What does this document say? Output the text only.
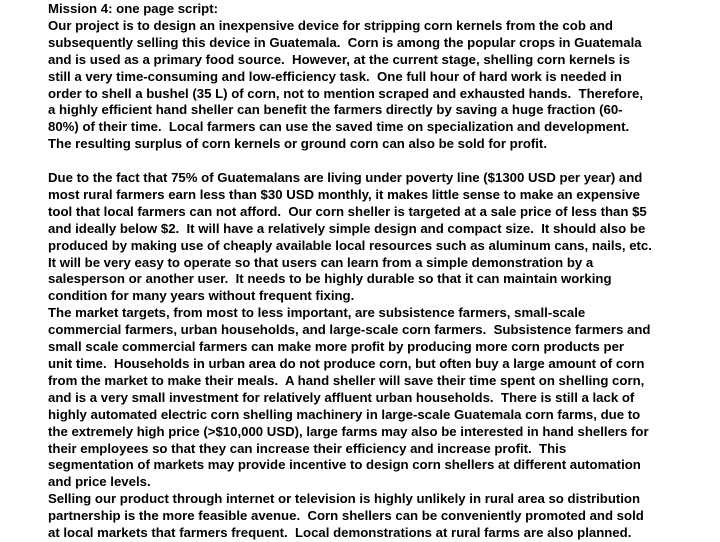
Mission 4: one page script:

Our project is to design an inexpensive device for stripping corn kernels from the cob and

subsequently selling this device in Guatemala.  Corn is among the popular crops in Guatemala

and is used as a primary food source.  However, at the current stage, shelling corn kernels is

still a very time-consuming and low-efficiency task.  One full hour of hard work is needed in

order to shell a bushel (35 L) of corn, not to mention scraped and exhausted hands.  Therefore,

a highly efficient hand sheller can benefit the farmers directly by saving a huge fraction (60-

80%) of their time.  Local farmers can use the saved time on specialization and development.

The resulting surplus of corn kernels or ground corn can also be sold for profit.

Due to the fact that 75% of Guatemalans are living under poverty line ($1300 USD per year) and

most rural farmers earn less than $30 USD monthly, it makes little sense to make an expensive

tool that local farmers can not afford.  Our corn sheller is targeted at a sale price of less than $5

and ideally below $2.  It will have a relatively simple design and compact size.  It should also be

produced by making use of cheaply available local resources such as aluminum cans, nails, etc.

It will be very easy to operate so that users can learn from a simple demonstration by a

salesperson or another user.  It needs to be highly durable so that it can maintain working

condition for many years without frequent fixing.

The market targets, from most to less important, are subsistence farmers, small-scale

commercial farmers, urban households, and large-scale corn farmers.  Subsistence farmers and

small scale commercial farmers can make more profit by producing more corn products per

unit time.  Households in urban area do not produce corn, but often buy a large amount of corn

from the market to make their meals.  A hand sheller will save their time spent on shelling corn,

and is a very small investment for relatively affluent urban households.  There is still a lack of

highly automated electric corn shelling machinery in large-scale Guatemala corn farms, due to

the extremely high price (>$10,000 USD), large farms may also be interested in hand shellers for

their employees so that they can increase their efficiency and increase profit.  This

segmentation of markets may provide incentive to design corn shellers at different automation

and price levels.

Selling our product through internet or television is highly unlikely in rural area so distribution

partnership is the more feasible avenue.  Corn shellers can be conveniently promoted and sold

at local markets that farmers frequent.  Local demonstrations at rural farms are also planned.
